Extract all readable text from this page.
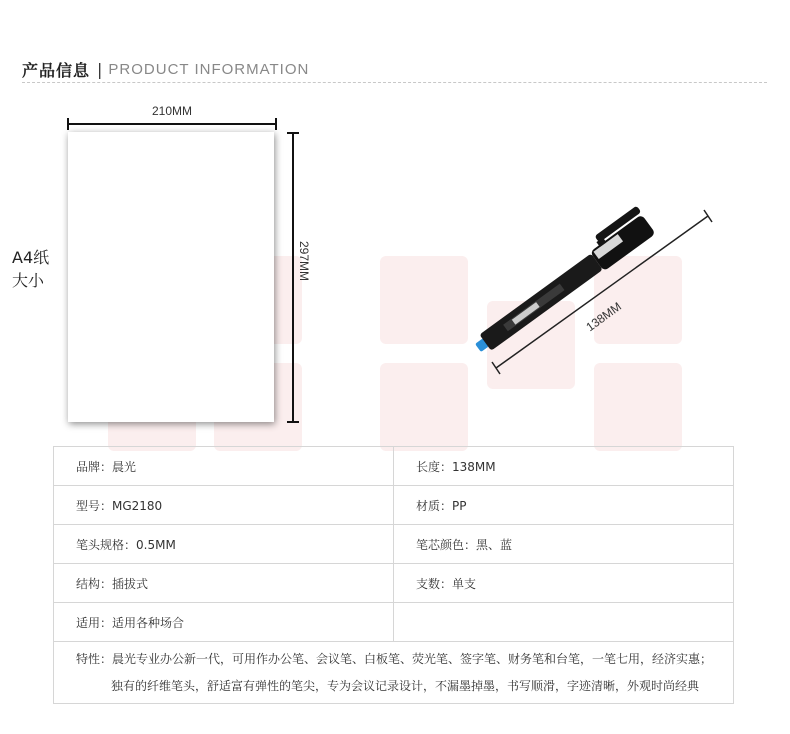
产品信息 | PRODUCT INFORMATION
210MM
297MM
A4纸
大小
138MM
品牌：晨光	长度：138MM
型号：MG2180	材质：PP
笔头规格：0.5MM	笔芯颜色：黑、蓝
结构：插拔式	支数：单支
适用：适用各种场合	

特性：晨光专业办公新一代，可用作办公笔、会议笔、白板笔、荧光笔、签字笔、财务笔和台笔，一笔七用，经济实惠；
独有的纤维笔头，舒适富有弹性的笔尖，专为会议记录设计，不漏墨掉墨，书写顺滑，字迹清晰，外观时尚经典	
